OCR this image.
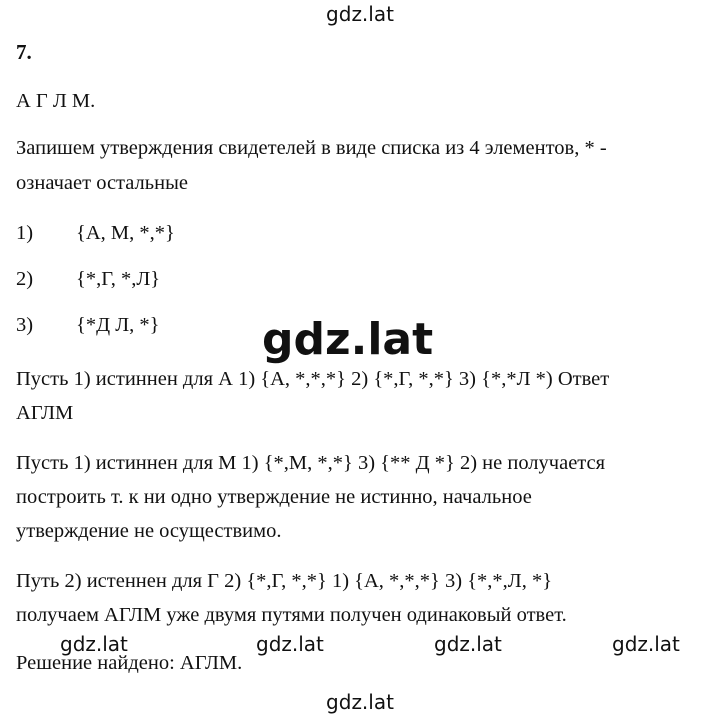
gdz.lat
7.
А Г Л М.
Запишем утверждения свидетелей в виде списка из 4 элементов, * -
означает остальные
1) {А, М, *,*}
2) {*,Г, *,Л}
3) {*Д Л, *}
Пусть 1) истиннен для А 1) {А, *,*,*} 2) {*,Г, *,*} 3) {*,*Л *) Ответ
АГЛМ
Пусть 1) истиннен для М 1) {*,М, *,*} 3) {** Д *} 2) не получается
построить т. к ни одно утверждение не истинно, начальное
утверждение не осуществимо.
Путь 2) истеннен для Г 2) {*,Г, *,*} 1) {А, *,*,*} 3) {*,*,Л, *}
получаем АГЛМ уже двумя путями получен одинаковый ответ.
Решение найдено: АГЛМ.
gdz.lat
gdz.lat	gdz.lat	gdz.lat	gdz.lat
gdz.lat
